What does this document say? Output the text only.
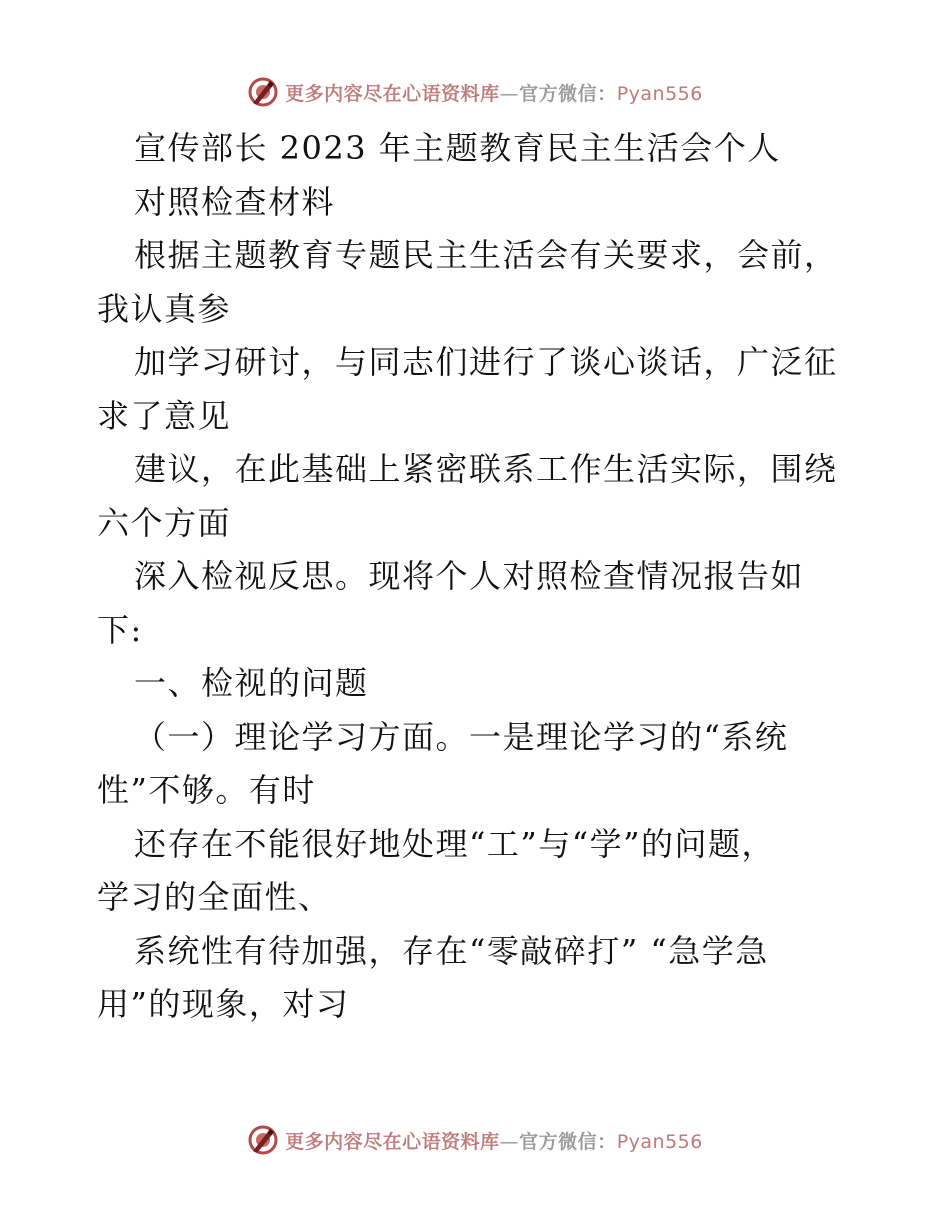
更多内容尽在心语资料库—官方微信：Pyan556
宣传部长 2023 年主题教育民主生活会个人
对照检查材料
根据主题教育专题民主生活会有关要求，会前，
我认真参
加学习研讨，与同志们进行了谈心谈话，广泛征
求了意见
建议，在此基础上紧密联系工作生活实际，围绕
六个方面
深入检视反思。现将个人对照检查情况报告如
下:
一、检视的问题
（一）理论学习方面。一是理论学习的“系统
性”不够。有时
还存在不能很好地处理“工”与“学”的问题，
学习的全面性、
系统性有待加强，存在“零敲碎打” “急学急
用”的现象，对习
更多内容尽在心语资料库—官方微信：Pyan556
